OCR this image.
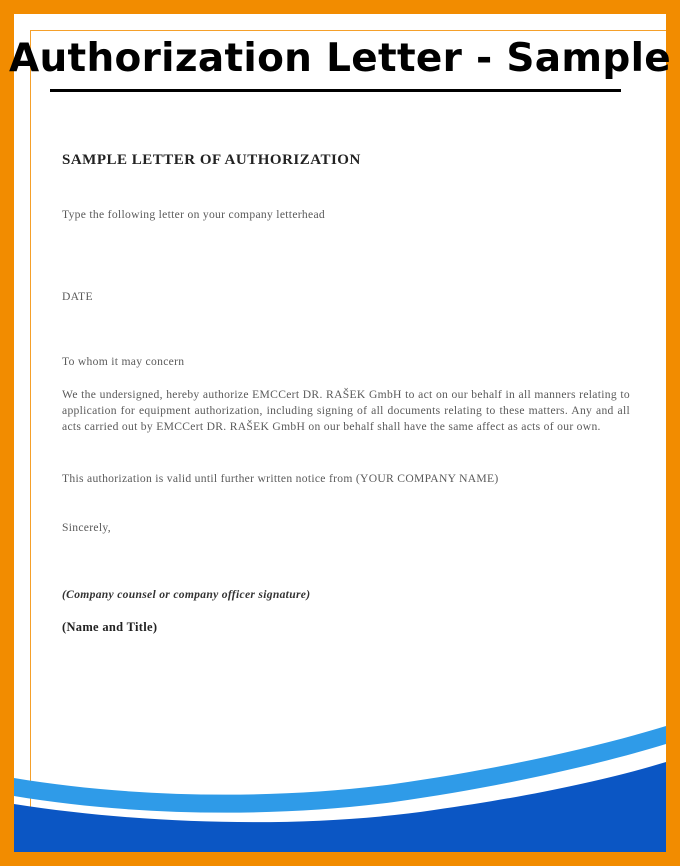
Authorization Letter - Sample
SAMPLE LETTER OF AUTHORIZATION

Type the following letter on your company letterhead

DATE

To whom it may concern

We the undersigned, hereby authorize EMCCert DR. RAŠEK GmbH to act on our behalf in all manners relating to application for equipment authorization, including signing of all documents relating to these matters. Any and all acts carried out by EMCCert DR. RAŠEK GmbH on our behalf shall have the same affect as acts of our own.

This authorization is valid until further written notice from (YOUR COMPANY NAME)

Sincerely,

(Company counsel or company officer signature)

(Name and Title)
